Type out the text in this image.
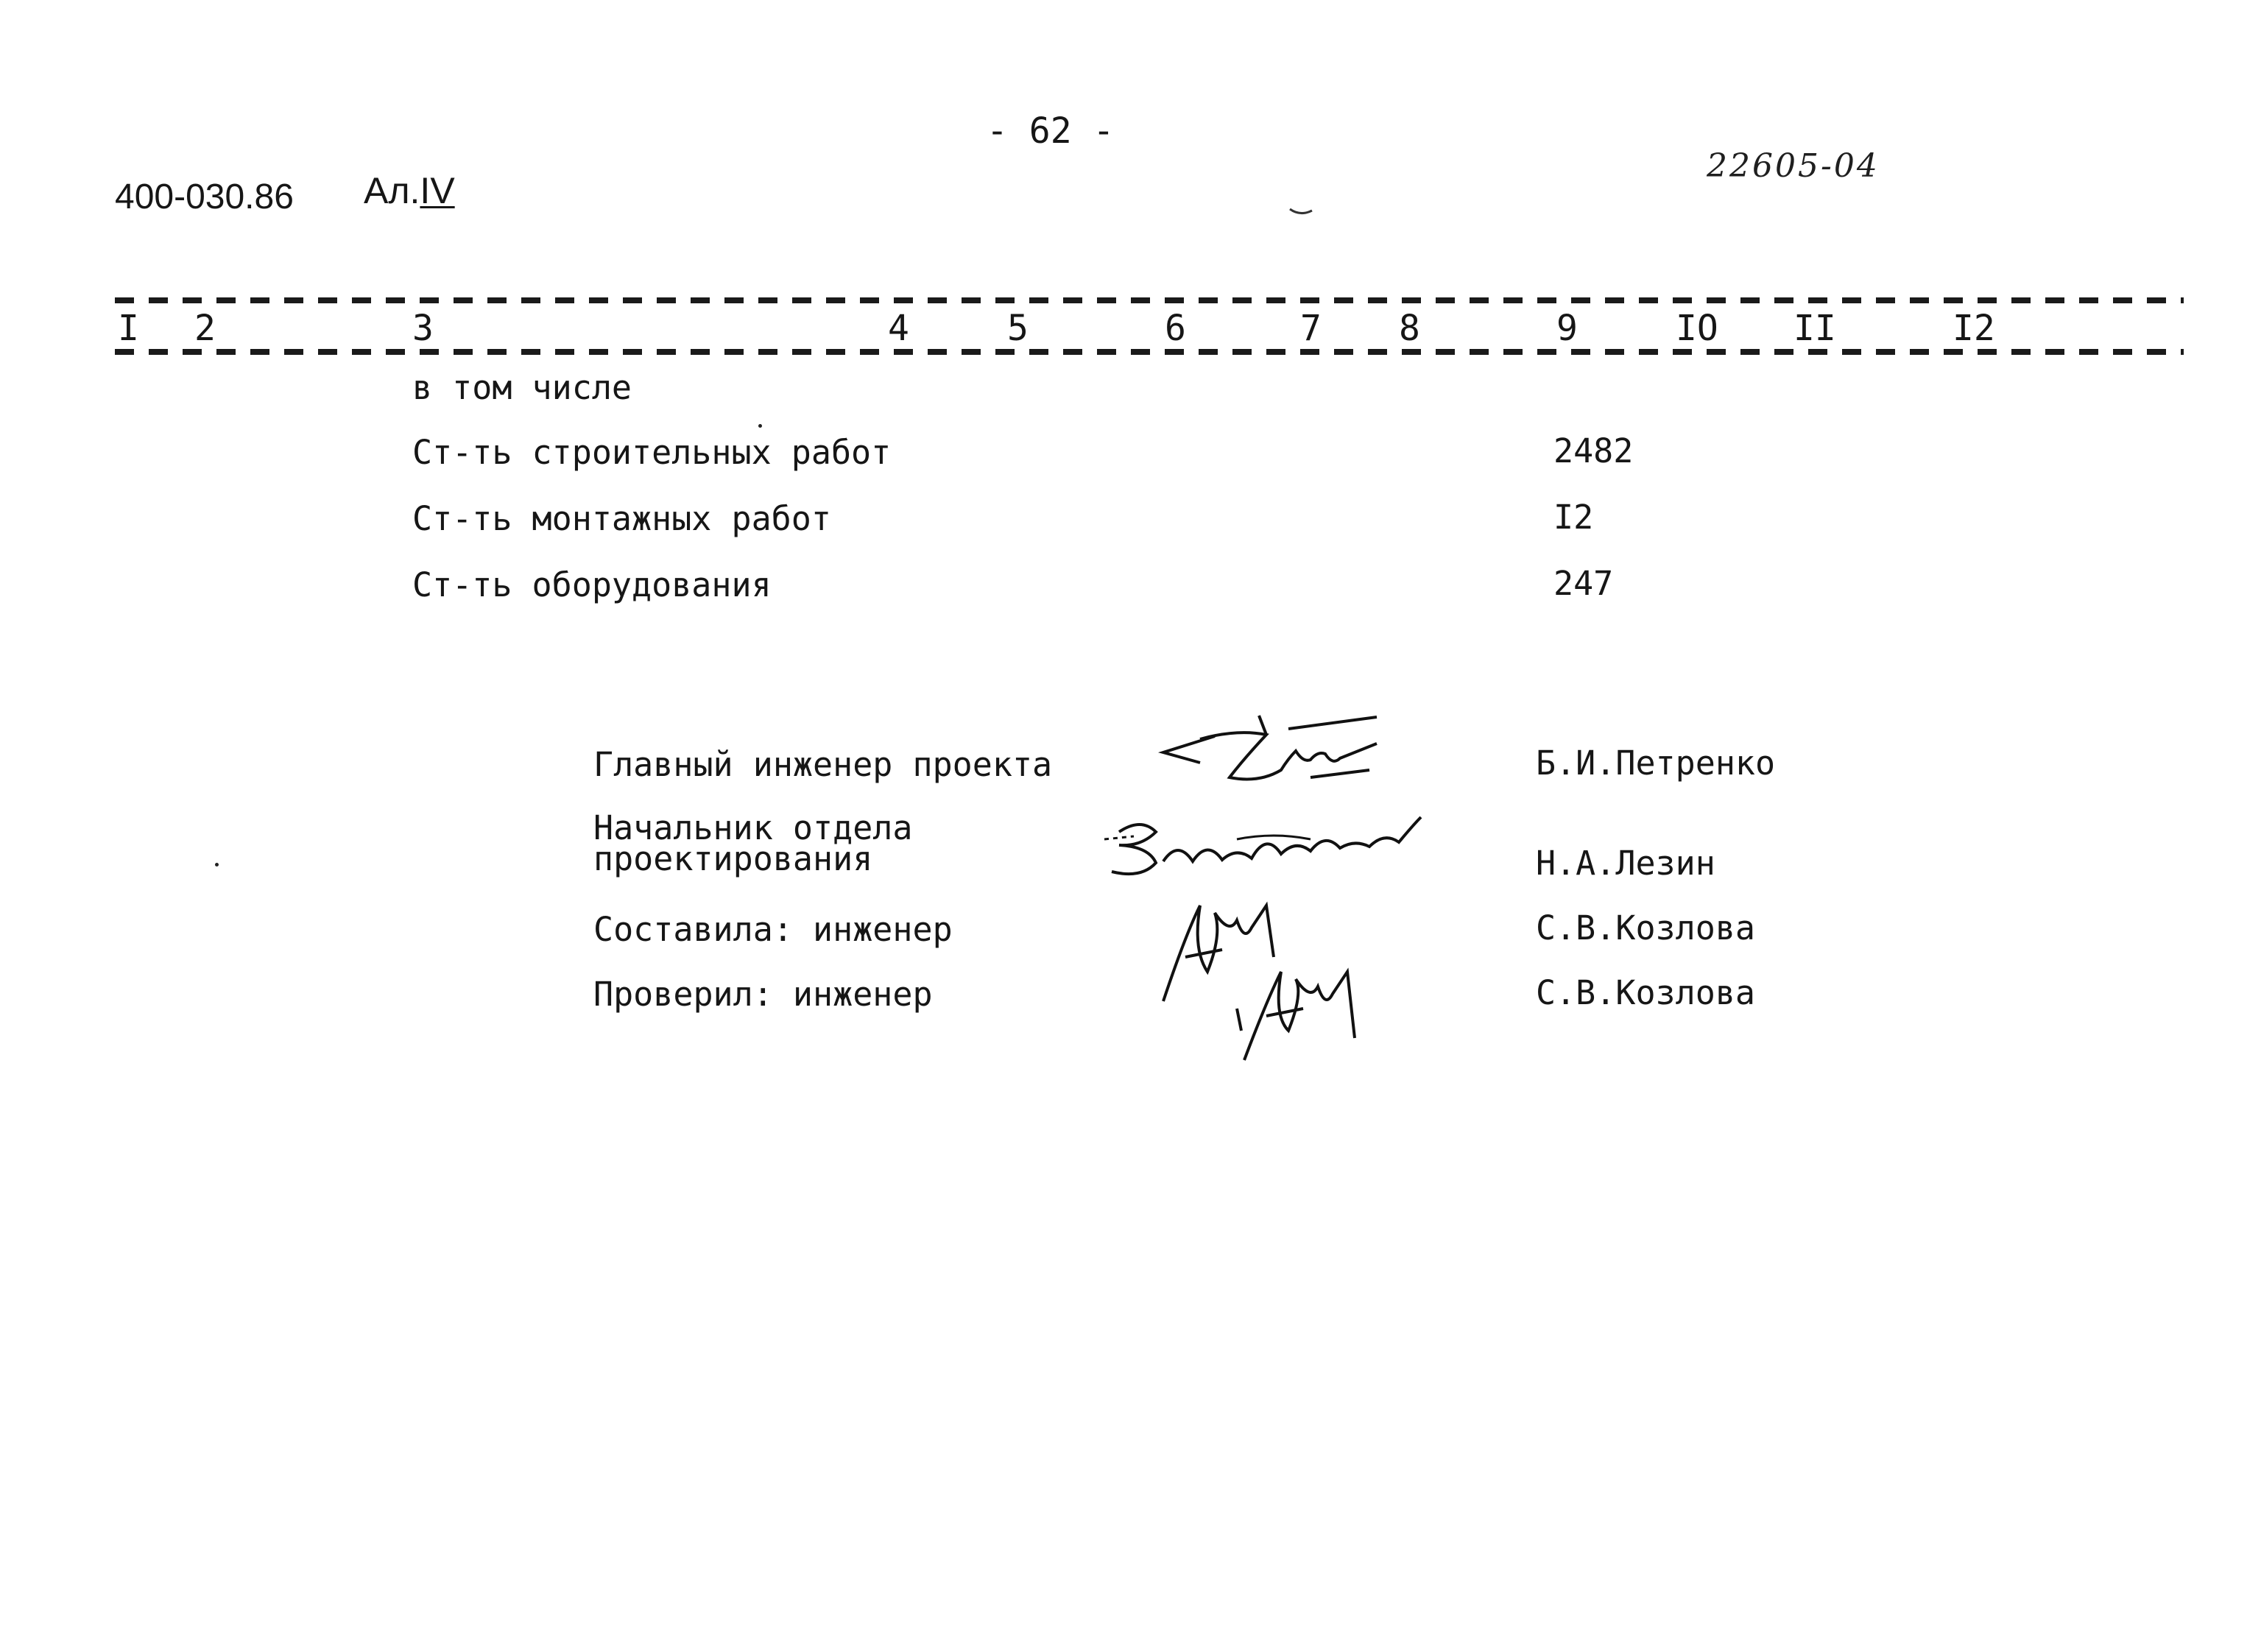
- 62 -
400-030.86 Ал.IV
22605-04
I 2	3	4	5	6	7 8	9	IO II	I2
в том числе
Ст-ть строительных работ	2482
Ст-ть монтажных работ	I2
Ст-ть оборудования	247
Главный инженер проекта	Б.И.Петренко
Начальник отдела
проектирования	Н.А.Лезин
Составила: инженер	С.В.Козлова
Проверил: инженер	С.В.Козлова
